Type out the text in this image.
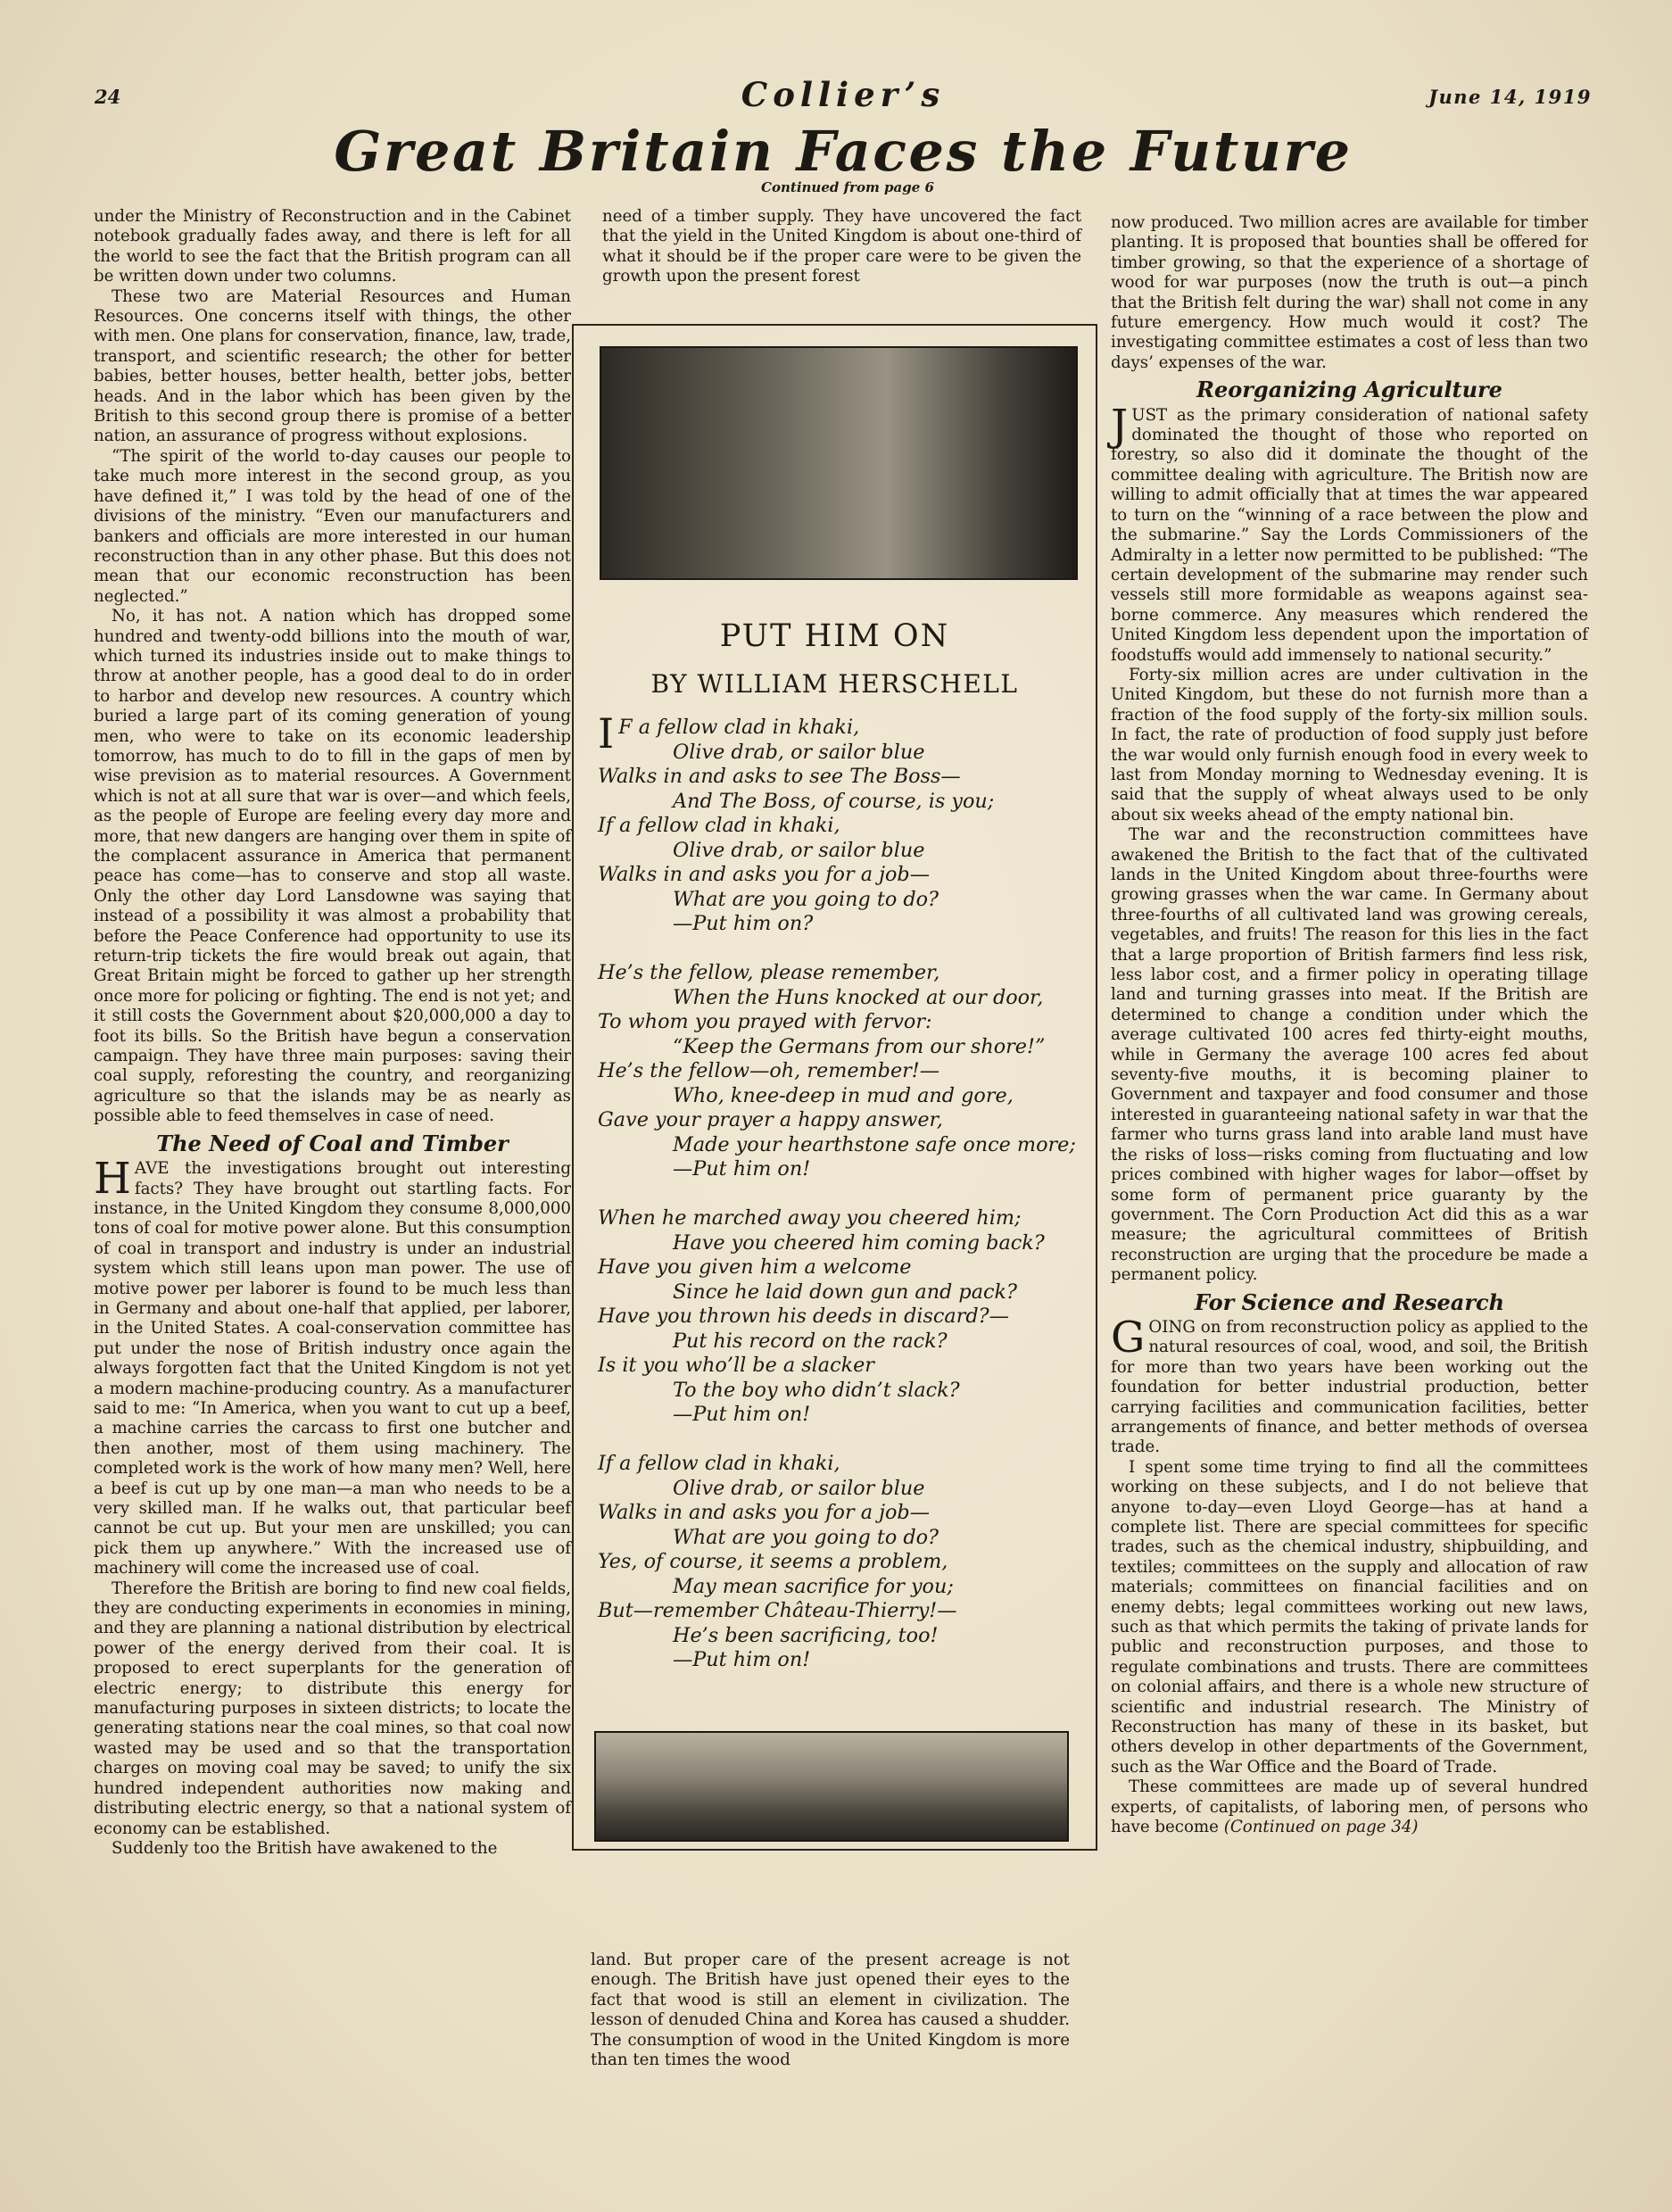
24	Collier’s	June 14, 1919
Great Britain Faces the Future
Continued from page 6

under the Ministry of Reconstruction and in the Cabinet notebook gradually fades away, and there is left for all the world to see the fact that the British program can all be written down under two columns.

These two are Material Resources and Human Resources. One concerns itself with things, the other with men. One plans for conservation, finance, law, trade, transport, and scientific research; the other for better babies, better houses, better health, better jobs, better heads. And in the labor which has been given by the British to this second group there is promise of a better nation, an assurance of progress without explosions.

“The spirit of the world to-day causes our people to take much more interest in the second group, as you have defined it,” I was told by the head of one of the divisions of the ministry. “Even our manufacturers and bankers and officials are more interested in our human reconstruction than in any other phase. But this does not mean that our economic reconstruction has been neglected.”

No, it has not. A nation which has dropped some hundred and twenty-odd billions into the mouth of war, which turned its industries inside out to make things to throw at another people, has a good deal to do in order to harbor and develop new resources. A country which buried a large part of its coming generation of young men, who were to take on its economic leadership tomorrow, has much to do to fill in the gaps of men by wise prevision as to material resources. A Government which is not at all sure that war is over—and which feels, as the people of Europe are feeling every day more and more, that new dangers are hanging over them in spite of the complacent assurance in America that permanent peace has come—has to conserve and stop all waste. Only the other day Lord Lansdowne was saying that instead of a possibility it was almost a probability that before the Peace Conference had opportunity to use its return-trip tickets the fire would break out again, that Great Britain might be forced to gather up her strength once more for policing or fighting. The end is not yet; and it still costs the Government about $20,000,000 a day to foot its bills. So the British have begun a conservation campaign. They have three main purposes: saving their coal supply, reforesting the country, and reorganizing agriculture so that the islands may be as nearly as possible able to feed themselves in case of need.

The Need of Coal and Timber

HAVE the investigations brought out interesting facts? They have brought out startling facts. For instance, in the United Kingdom they consume 8,000,000 tons of coal for motive power alone. But this consumption of coal in transport and industry is under an industrial system which still leans upon man power. The use of motive power per laborer is found to be much less than in Germany and about one-half that applied, per laborer, in the United States. A coal-conservation committee has put under the nose of British industry once again the always forgotten fact that the United Kingdom is not yet a modern machine-producing country. As a manufacturer said to me: “In America, when you want to cut up a beef, a machine carries the carcass to first one butcher and then another, most of them using machinery. The completed work is the work of how many men? Well, here a beef is cut up by one man—a man who needs to be a very skilled man. If he walks out, that particular beef cannot be cut up. But your men are unskilled; you can pick them up anywhere.” With the increased use of machinery will come the increased use of coal.

Therefore the British are boring to find new coal fields, they are conducting experiments in economies in mining, and they are planning a national distribution by electrical power of the energy derived from their coal. It is proposed to erect superplants for the generation of electric energy; to distribute this energy for manufacturing purposes in sixteen districts; to locate the generating stations near the coal mines, so that coal now wasted may be used and so that the transportation charges on moving coal may be saved; to unify the six hundred independent authorities now making and distributing electric energy, so that a national system of economy can be established.

Suddenly too the British have awakened to the

need of a timber supply. They have uncovered the fact that the yield in the United Kingdom is about one-third of what it should be if the proper care were to be given the growth upon the present forest

PUT HIM ON
BY WILLIAM HERSCHELL
I F a fellow clad in khaki,
Olive drab, or sailor blue
Walks in and asks to see The Boss—
And The Boss, of course, is you;
If a fellow clad in khaki,
Olive drab, or sailor blue
Walks in and asks you for a job—
What are you going to do?
—Put him on?
He’s the fellow, please remember,
When the Huns knocked at our door,
To whom you prayed with fervor:
“Keep the Germans from our shore!”
He’s the fellow—oh, remember!—
Who, knee-deep in mud and gore,
Gave your prayer a happy answer,
Made your hearthstone safe once more;
—Put him on!
When he marched away you cheered him;
Have you cheered him coming back?
Have you given him a welcome
Since he laid down gun and pack?
Have you thrown his deeds in discard?—
Put his record on the rack?
Is it you who’ll be a slacker
To the boy who didn’t slack?
—Put him on!
If a fellow clad in khaki,
Olive drab, or sailor blue
Walks in and asks you for a job—
What are you going to do?
Yes, of course, it seems a problem,
May mean sacrifice for you;
But—remember Château-Thierry!—
He’s been sacrificing, too!
—Put him on!

land. But proper care of the present acreage is not enough. The British have just opened their eyes to the fact that wood is still an element in civilization. The lesson of denuded China and Korea has caused a shudder. The consumption of wood in the United Kingdom is more than ten times the wood

now produced. Two million acres are available for timber planting. It is proposed that bounties shall be offered for timber growing, so that the experience of a shortage of wood for war purposes (now the truth is out—a pinch that the British felt during the war) shall not come in any future emergency. How much would it cost? The investigating committee estimates a cost of less than two days’ expenses of the war.

Reorganizing Agriculture

JUST as the primary consideration of national safety dominated the thought of those who reported on forestry, so also did it dominate the thought of the committee dealing with agriculture. The British now are willing to admit officially that at times the war appeared to turn on the “winning of a race between the plow and the submarine.” Say the Lords Commissioners of the Admiralty in a letter now permitted to be published: “The certain development of the submarine may render such vessels still more formidable as weapons against sea-borne commerce. Any measures which rendered the United Kingdom less dependent upon the importation of foodstuffs would add immensely to national security.”

Forty-six million acres are under cultivation in the United Kingdom, but these do not furnish more than a fraction of the food supply of the forty-six million souls. In fact, the rate of production of food supply just before the war would only furnish enough food in every week to last from Monday morning to Wednesday evening. It is said that the supply of wheat always used to be only about six weeks ahead of the empty national bin.

The war and the reconstruction committees have awakened the British to the fact that of the cultivated lands in the United Kingdom about three-fourths were growing grasses when the war came. In Germany about three-fourths of all cultivated land was growing cereals, vegetables, and fruits! The reason for this lies in the fact that a large proportion of British farmers find less risk, less labor cost, and a firmer policy in operating tillage land and turning grasses into meat. If the British are determined to change a condition under which the average cultivated 100 acres fed thirty-eight mouths, while in Germany the average 100 acres fed about seventy-five mouths, it is becoming plainer to Government and taxpayer and food consumer and those interested in guaranteeing national safety in war that the farmer who turns grass land into arable land must have the risks of loss—risks coming from fluctuating and low prices combined with higher wages for labor—offset by some form of permanent price guaranty by the government. The Corn Production Act did this as a war measure; the agricultural committees of British reconstruction are urging that the procedure be made a permanent policy.

For Science and Research

GOING on from reconstruction policy as applied to the natural resources of coal, wood, and soil, the British for more than two years have been working out the foundation for better industrial production, better carrying facilities and communication facilities, better arrangements of finance, and better methods of oversea trade.

I spent some time trying to find all the committees working on these subjects, and I do not believe that anyone to-day—even Lloyd George—has at hand a complete list. There are special committees for specific trades, such as the chemical industry, shipbuilding, and textiles; committees on the supply and allocation of raw materials; committees on financial facilities and on enemy debts; legal committees working out new laws, such as that which permits the taking of private lands for public and reconstruction purposes, and those to regulate combinations and trusts. There are committees on colonial affairs, and there is a whole new structure of scientific and industrial research. The Ministry of Reconstruction has many of these in its basket, but others develop in other departments of the Government, such as the War Office and the Board of Trade.

These committees are made up of several hundred experts, of capitalists, of laboring men, of persons who have become (Continued on page 34)
